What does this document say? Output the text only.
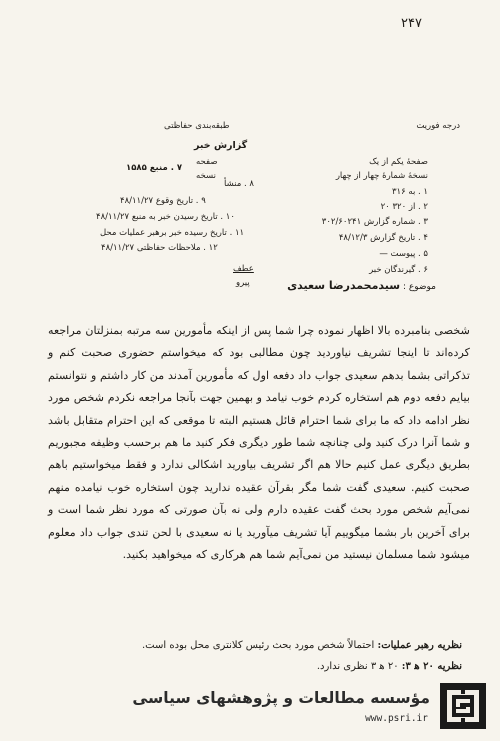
۲۴۷
درجه فوریت
طبقه‌بندی حفاظتی
گزارش خبر
صفحهٔ یکم از یک
نسخهٔ شمارهٔ چهار از چهار
۱ . به ۳۱۶
۲ . از ۳۲۰ ۲۰
۳ . شماره گزارش ۳۰۲/۶۰۲۴۱
۴ . تاریخ گزارش ۴۸/۱۲/۳
۵ . پیوست —
۶ . گیرندگان خبر
موضوع : سیدمحمدرضا سعیدی
صفحه
نسخه
۷ . منبع ۱۵۸۵
۸ . منشأ
۹ . تاریخ وقوع ۴۸/۱۱/۲۷
۱۰ . تاریخ رسیدن خبر به منبع ۴۸/۱۱/۲۷
۱۱ . تاریخ رسیده خبر برهبر عملیات محل
۱۲ . ملاحظات حفاظتی ۴۸/۱۱/۲۷
عطف
پیرو

شخصی بنامبرده بالا اظهار نموده چرا شما پس از اینکه مأمورین سه مرتبه بمنزلتان مراجعه کرده‌اند تا اینجا تشریف نیاوردید چون مطالبی بود که میخواستم حضوری صحبت کنم و تذکراتی بشما بدهم سعیدی جواب داد دفعه اول که مأمورین آمدند من کار داشتم و نتوانستم بیایم دفعه دوم هم استخاره کردم خوب نیامد و بهمین جهت بآنجا مراجعه نکردم شخص مورد نظر ادامه داد که ما برای شما احترام قائل هستیم البته تا موقعی که این احترام متقابل باشد و شما آنرا درک کنید ولی چنانچه شما طور دیگری فکر کنید ما هم برحسب وظیفه مجبوریم بطریق دیگری عمل کنیم حالا هم اگر تشریف بیاورید اشکالی ندارد و فقط میخواستیم باهم صحبت کنیم. سعیدی گفت شما مگر بقرآن عقیده ندارید چون استخاره خوب نیامده منهم نمی‌آیم شخص مورد بحث گفت عقیده دارم ولی نه بآن صورتی که مورد نظر شما است و برای آخرین بار بشما میگوییم آیا تشریف میآورید یا نه سعیدی با لحن تندی جواب داد معلوم میشود شما مسلمان نیستید من نمی‌آیم شما هم هرکاری که میخواهید بکنید.

نظریه رهبر عملیات: احتمالاً شخص مورد بحث رئیس کلانتری محل بوده است.
نظریه ۲۰ ه‍ ۳: ۲۰ ه‍ ۳ نظری ندارد.
مؤسسه مطالعات و پژوهشهای سیاسی
www.psri.ir
